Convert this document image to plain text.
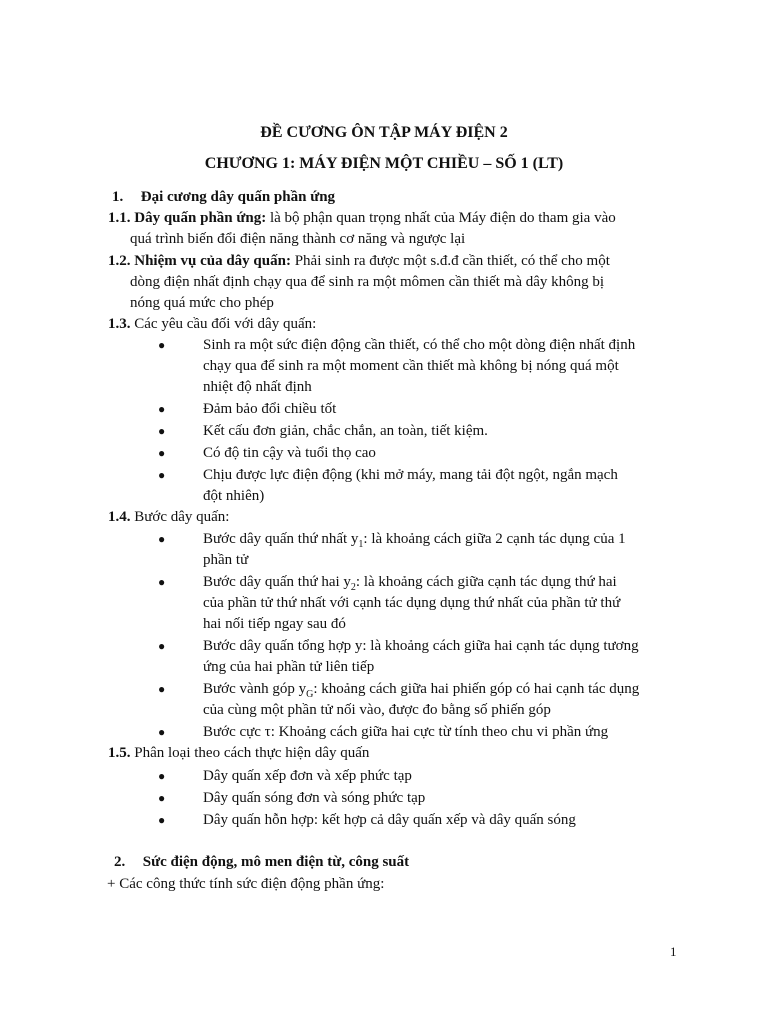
ĐỀ CƯƠNG ÔN TẬP MÁY ĐIỆN 2
CHƯƠNG 1: MÁY ĐIỆN MỘT CHIỀU – SỐ 1 (LT)
1. Đại cương dây quấn phần ứng
1.1. Dây quấn phần ứng: là bộ phận quan trọng nhất của Máy điện do tham gia vào
quá trình biến đổi điện năng thành cơ năng và ngược lại
1.2. Nhiệm vụ của dây quấn: Phải sinh ra được một s.đ.đ cần thiết, có thể cho một
dòng điện nhất định chạy qua để sinh ra một mômen cần thiết mà dây không bị
nóng quá mức cho phép
1.3. Các yêu cầu đối với dây quấn:
●	Sinh ra một sức điện động cần thiết, có thể cho một dòng điện nhất định
chạy qua để sinh ra một moment cần thiết mà không bị nóng quá một
nhiệt độ nhất định
●	Đảm bảo đổi chiều tốt
●	Kết cấu đơn giản, chắc chắn, an toàn, tiết kiệm.
●	Có độ tin cậy và tuổi thọ cao
●	Chịu được lực điện động (khi mở máy, mang tải đột ngột, ngắn mạch
đột nhiên)
1.4. Bước dây quấn:
●	Bước dây quấn thứ nhất $y_1$: là khoảng cách giữa 2 cạnh tác dụng của 1
phần tử
●	Bước dây quấn thứ hai $y_2$: là khoảng cách giữa cạnh tác dụng thứ hai
của phần tử thứ nhất với cạnh tác dụng dụng thứ nhất của phần tử thứ
hai nối tiếp ngay sau đó
●	Bước dây quấn tổng hợp y: là khoảng cách giữa hai cạnh tác dụng tương
ứng của hai phần tử liên tiếp
●	Bước vành góp $y_G$: khoảng cách giữa hai phiến góp có hai cạnh tác dụng
của cùng một phần tử nối vào, được đo bằng số phiến góp
●	Bước cực τ: Khoảng cách giữa hai cực từ tính theo chu vi phần ứng
1.5. Phân loại theo cách thực hiện dây quấn
●	Dây quấn xếp đơn và xếp phức tạp
●	Dây quấn sóng đơn và sóng phức tạp
●	Dây quấn hỗn hợp: kết hợp cả dây quấn xếp và dây quấn sóng
2. Sức điện động, mô men điện từ, công suất
+ Các công thức tính sức điện động phần ứng:
1
